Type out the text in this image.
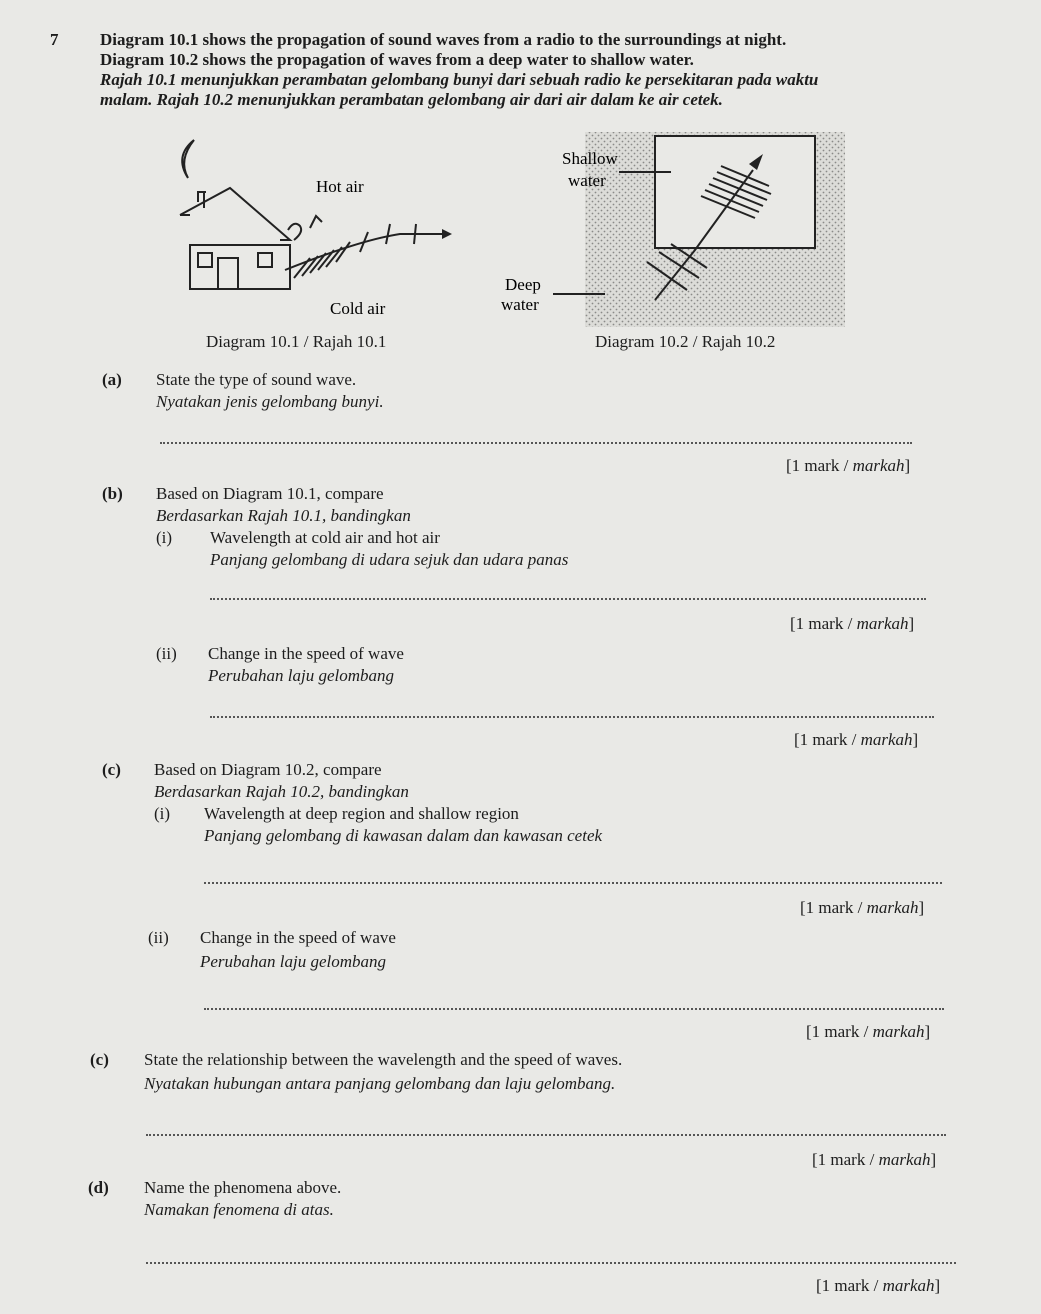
7 Diagram 10.1 shows the propagation of sound waves from a radio to the surroundings at night.
Diagram 10.2 shows the propagation of waves from a deep water to shallow water.
Rajah 10.1 menunjukkan perambatan gelombang bunyi dari sebuah radio ke persekitaran pada waktu
malam. Rajah 10.2 menunjukkan perambatan gelombang air dari air dalam ke air cetek.
Hot air
Cold air
Diagram 10.1 / Rajah 10.1
Shallow
water
Deep
water
Diagram 10.2 / Rajah 10.2
(a) State the type of sound wave.
Nyatakan jenis gelombang bunyi.
[1 mark / markah]
(b) Based on Diagram 10.1, compare
Berdasarkan Rajah 10.1, bandingkan
(i) Wavelength at cold air and hot air
Panjang gelombang di udara sejuk dan udara panas
[1 mark / markah]
(ii) Change in the speed of wave
Perubahan laju gelombang
[1 mark / markah]
(c) Based on Diagram 10.2, compare
Berdasarkan Rajah 10.2, bandingkan
(i) Wavelength at deep region and shallow region
Panjang gelombang di kawasan dalam dan kawasan cetek
[1 mark / markah]
(ii) Change in the speed of wave
Perubahan laju gelombang
[1 mark / markah]
(c) State the relationship between the wavelength and the speed of waves.
Nyatakan hubungan antara panjang gelombang dan laju gelombang.
[1 mark / markah]
(d) Name the phenomena above.
Namakan fenomena di atas.
[1 mark / markah]
